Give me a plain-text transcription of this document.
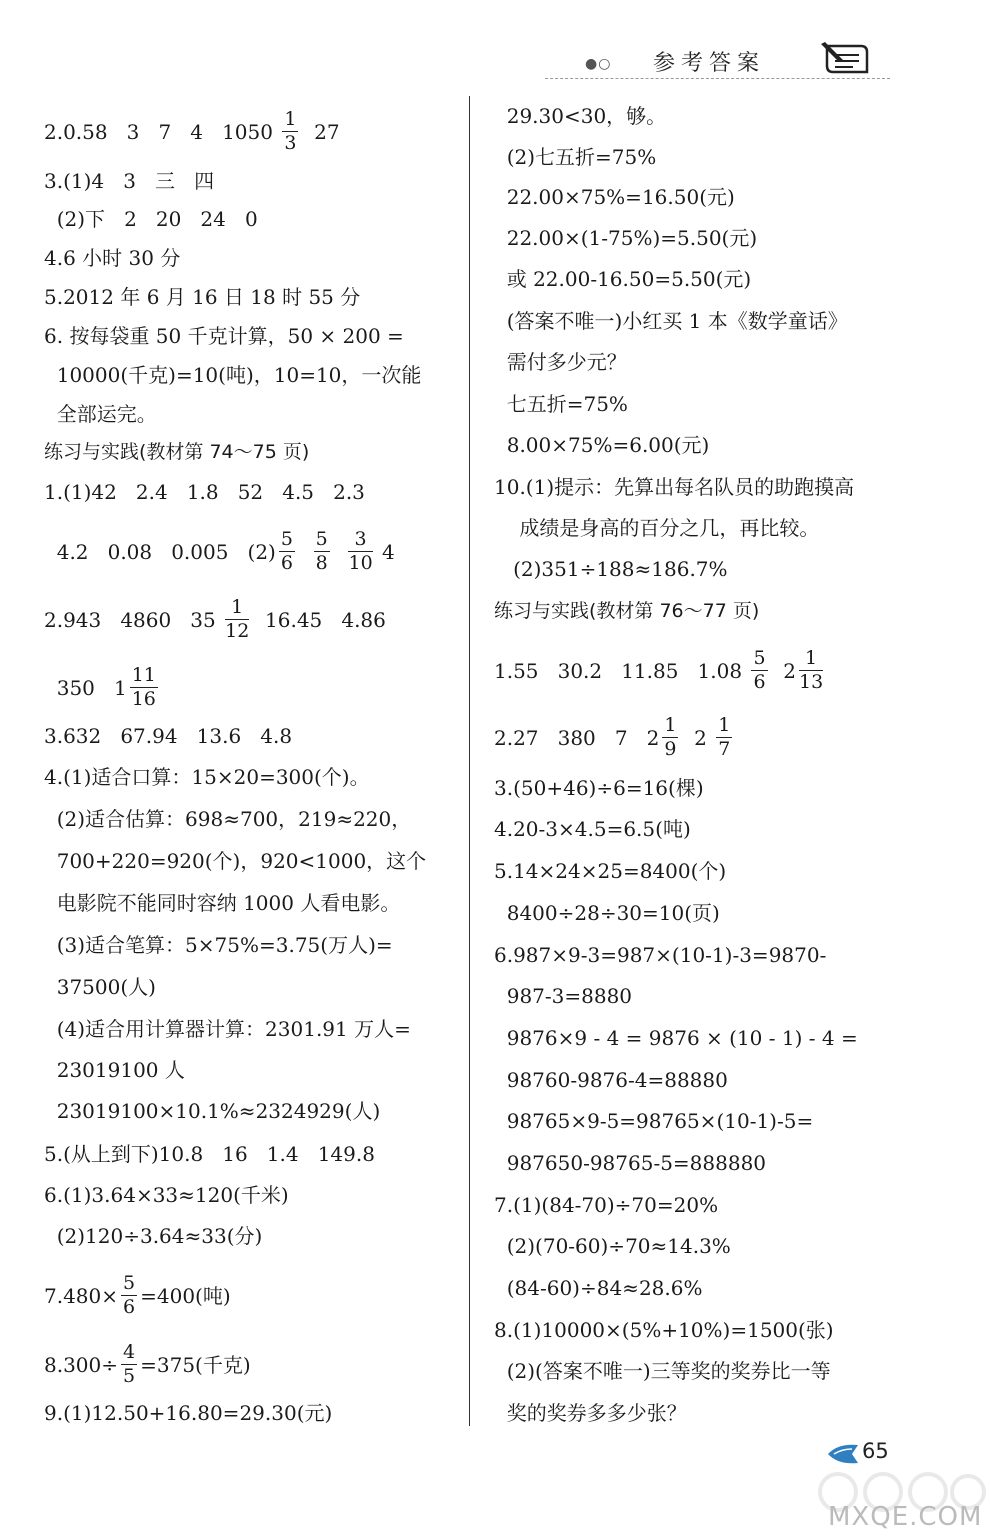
●○ 参考答案
2.0.58   3   7   4   $1050 \frac{1}{3} 27$
3.(1)4   3   三   四
(2)下   2   20   24   0
4.6 小时 30 分
5.2012 年 6 月 16 日 18 时 55 分
6. 按每袋重 50 千克计算，50 × 200 =
10000(千克)=10(吨)，10=10，一次能
全部运完。
练习与实践(教材第 74～75 页)
1.(1)42   2.4   1.8   52   4.5   2.3
4.2   0.08   0.005   $(2) \frac{5}{6}$
$\frac{5}{8}$
$\frac{3}{10} 4$
2.943   4860   $35 \frac{1}{12} 16.45$   4.86
350   $1 \frac{11}{16}$
3.632   67.94   13.6   4.8
4.(1)适合口算：15×20=300(个)。
(2)适合估算：698≈700，219≈220，
700+220=920(个)，920<1000，这个
电影院不能同时容纳 1000 人看电影。
(3)适合笔算：5×75%=3.75(万人)=
37500(人)
(4)适合用计算器计算：2301.91 万人=
23019100 人
23019100×10.1%≈2324929(人)
5.(从上到下)10.8   16   1.4   149.8
6.(1)3.64×33≈120(千米)
(2)120÷3.64≈33(分)
$7.480\times \frac{5}{6} =400$(吨)
$8.300\div \frac{4}{5} =375$(千克)
9.(1)12.50+16.80=29.30(元)
29.30<30，够。
(2)七五折=75%
22.00×75%=16.50(元)
22.00×(1-75%)=5.50(元)
或 22.00-16.50=5.50(元)
(答案不唯一)小红买 1 本《数学童话》
需付多少元？
七五折=75%
8.00×75%=6.00(元)
10.(1)提示：先算出每名队员的助跑摸高
成绩是身高的百分之几，再比较。
(2)351÷188≈186.7%
练习与实践(教材第 76～77 页)
1.55   30.2   11.85   $1.08 \frac{5}{6} 2 \frac{1}{13}$
2.27   380   7   $2 \frac{1}{9} 2 \frac{1}{7}$
3.(50+46)÷6=16(棵)
4.20-3×4.5=6.5(吨)
5.14×24×25=8400(个)
8400÷28÷30=10(页)
6.987×9-3=987×(10-1)-3=9870-
987-3=8880
9876×9 - 4 = 9876 × (10 - 1) - 4 =
98760-9876-4=88880
98765×9-5=98765×(10-1)-5=
987650-98765-5=888880
7.(1)(84-70)÷70=20%
(2)(70-60)÷70≈14.3%
(84-60)÷84≈28.6%
8.(1)10000×(5%+10%)=1500(张)
(2)(答案不唯一)三等奖的奖券比一等
奖的奖券多多少张？
65
MXQE.COM
